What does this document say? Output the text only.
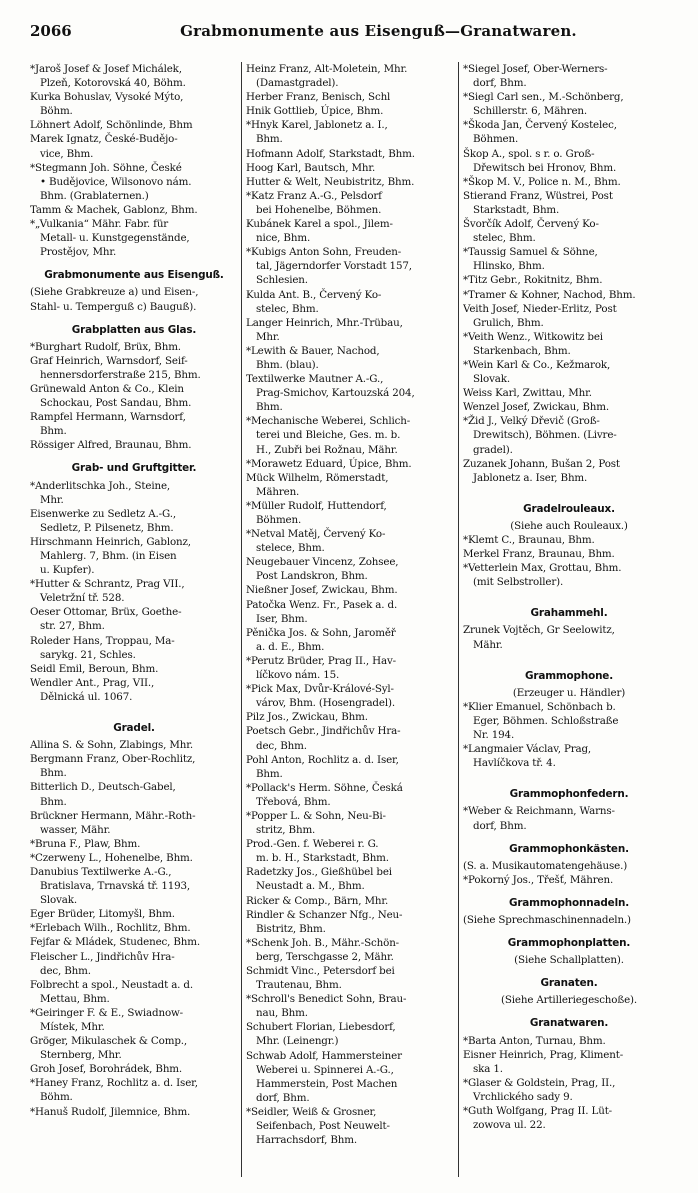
2066	Grabmonumente aus Eisenguß—Granatwaren.
*Jaroš Josef & Josef Michálek,
Plzeň, Kotorovská 40, Böhm.
Kurka Bohuslav, Vysoké Mýto,
Böhm.
Löhnert Adolf, Schönlinde, Bhm
Marek Ignatz, České-Budějo-
vice, Bhm.
*Stegmann Joh. Söhne, České
• Budějovice, Wilsonovo nám.
Bhm. (Grablaternen.)
Tamm & Machek, Gablonz, Bhm.
*„Vulkania“ Mähr. Fabr. für
Metall- u. Kunstgegenstände,
Prostějov, Mhr.
Grabmonumente aus Eisenguß.
(Siehe Grabkreuze a) und Eisen-,
Stahl- u. Temperguß c) Bauguß).
Grabplatten aus Glas.
*Burghart Rudolf, Brüx, Bhm.
Graf Heinrich, Warnsdorf, Seif-
hennersdorferstraße 215, Bhm.
Grünewald Anton & Co., Klein
Schockau, Post Sandau, Bhm.
Rampfel Hermann, Warnsdorf,
Bhm.
Rössiger Alfred, Braunau, Bhm.
Grab- und Gruftgitter.
*Anderlitschka Joh., Steine,
Mhr.
Eisenwerke zu Sedletz A.-G.,
Sedletz, P. Pilsenetz, Bhm.
Hirschmann Heinrich, Gablonz,
Mahlerg. 7, Bhm. (in Eisen
u. Kupfer).
*Hutter & Schrantz, Prag VII.,
Veletržní tř. 528.
Oeser Ottomar, Brüx, Goethe-
str. 27, Bhm.
Roleder Hans, Troppau, Ma-
sarykg. 21, Schles.
Seidl Emil, Beroun, Bhm.
Wendler Ant., Prag, VII.,
Dělnická ul. 1067.
Gradel.
Allina S. & Sohn, Zlabings, Mhr.
Bergmann Franz, Ober-Rochlitz,
Bhm.
Bitterlich D., Deutsch-Gabel,
Bhm.
Brückner Hermann, Mähr.-Roth-
wasser, Mähr.
*Bruna F., Plaw, Bhm.
*Czerweny L., Hohenelbe, Bhm.
Danubius Textilwerke A.-G.,
Bratislava, Trnavská tř. 1193,
Slovak.
Eger Brüder, Litomyšl, Bhm.
*Erlebach Wilh., Rochlitz, Bhm.
Fejfar & Mládek, Studenec, Bhm.
Fleischer L., Jindřichův Hra-
dec, Bhm.
Folbrecht a spol., Neustadt a. d.
Mettau, Bhm.
*Geiringer F. & E., Swiadnow-
Místek, Mhr.
Gröger, Mikulaschek & Comp.,
Sternberg, Mhr.
Groh Josef, Borohrádek, Bhm.
*Haney Franz, Rochlitz a. d. Iser,
Böhm.
*Hanuš Rudolf, Jilemnice, Bhm.
Heinz Franz, Alt-Moletein, Mhr.
(Damastgradel).
Herber Franz, Benisch, Schl
Hnik Gottlieb, Úpice, Bhm.
*Hnyk Karel, Jablonetz a. I.,
Bhm.
Hofmann Adolf, Starkstadt, Bhm.
Hoog Karl, Bautsch, Mhr.
Hutter & Welt, Neubistritz, Bhm.
*Katz Franz A.-G., Pelsdorf
bei Hohenelbe, Böhmen.
Kubánek Karel a spol., Jilem-
nice, Bhm.
*Kubigs Anton Sohn, Freuden-
tal, Jägerndorfer Vorstadt 157,
Schlesien.
Kulda Ant. B., Červený Ko-
stelec, Bhm.
Langer Heinrich, Mhr.-Trübau,
Mhr.
*Lewith & Bauer, Nachod,
Bhm. (blau).
Textilwerke Mautner A.-G.,
Prag-Smichov, Kartouzská 204,
Bhm.
*Mechanische Weberei, Schlich-
terei und Bleiche, Ges. m. b.
H., Zubři bei Rožnau, Mähr.
*Morawetz Eduard, Úpice, Bhm.
Mück Wilhelm, Römerstadt,
Mähren.
*Müller Rudolf, Huttendorf,
Böhmen.
*Netval Matěj, Červený Ko-
stelece, Bhm.
Neugebauer Vincenz, Zohsee,
Post Landskron, Bhm.
Nießner Josef, Zwickau, Bhm.
Patočka Wenz. Fr., Pasek a. d.
Iser, Bhm.
Pěnička Jos. & Sohn, Jaroměř
a. d. E., Bhm.
*Perutz Brüder, Prag II., Hav-
líčkovo nám. 15.
*Pick Max, Dvůr-Králové-Syl-
várov, Bhm. (Hosengradel).
Pilz Jos., Zwickau, Bhm.
Poetsch Gebr., Jindřichův Hra-
dec, Bhm.
Pohl Anton, Rochlitz a. d. Iser,
Bhm.
*Pollack's Herm. Söhne, Česká
Třebová, Bhm.
*Popper L. & Sohn, Neu-Bi-
stritz, Bhm.
Prod.-Gen. f. Weberei r. G.
m. b. H., Starkstadt, Bhm.
Radetzky Jos., Gießhübel bei
Neustadt a. M., Bhm.
Ricker & Comp., Bärn, Mhr.
Rindler & Schanzer Nfg., Neu-
Bistritz, Bhm.
*Schenk Joh. B., Mähr.-Schön-
berg, Terschgasse 2, Mähr.
Schmidt Vinc., Petersdorf bei
Trautenau, Bhm.
*Schroll's Benedict Sohn, Brau-
nau, Bhm.
Schubert Florian, Liebesdorf,
Mhr. (Leinengr.)
Schwab Adolf, Hammersteiner
Weberei u. Spinnerei A.-G.,
Hammerstein, Post Machen
dorf, Bhm.
*Seidler, Weiß & Grosner,
Seifenbach, Post Neuwelt-
Harrachsdorf, Bhm.
*Siegel Josef, Ober-Werners-
dorf, Bhm.
*Siegl Carl sen., M.-Schönberg,
Schillerstr. 6, Mähren.
*Škoda Jan, Červený Kostelec,
Böhmen.
Škop A., spol. s r. o. Groß-
Dřewitsch bei Hronov, Bhm.
*Škop M. V., Police n. M., Bhm.
Stierand Franz, Wüstrei, Post
Starkstadt, Bhm.
Švorčík Adolf, Červený Ko-
stelec, Bhm.
*Taussig Samuel & Söhne,
Hlinsko, Bhm.
*Titz Gebr., Rokitnitz, Bhm.
*Tramer & Kohner, Nachod, Bhm.
Veith Josef, Nieder-Erlitz, Post
Grulich, Bhm.
*Veith Wenz., Witkowitz bei
Starkenbach, Bhm.
*Wein Karl & Co., Kežmarok,
Slovak.
Weiss Karl, Zwittau, Mhr.
Wenzel Josef, Zwickau, Bhm.
*Žid J., Velký Dřevič (Groß-
Drewitsch), Böhmen. (Livre-
gradel).
Zuzanek Johann, Bušan 2, Post
Jablonetz a. Iser, Bhm.
Gradelrouleaux.
(Siehe auch Rouleaux.)
*Klemt C., Braunau, Bhm.
Merkel Franz, Braunau, Bhm.
*Vetterlein Max, Grottau, Bhm.
(mit Selbstroller).
Grahammehl.
Zrunek Vojtěch, Gr Seelowitz,
Mähr.
Grammophone.
(Erzeuger u. Händler)
*Klier Emanuel, Schönbach b.
Eger, Böhmen. Schloßstraße
Nr. 194.
*Langmaier Václav, Prag,
Havlíčkova tř. 4.
Grammophonfedern.
*Weber & Reichmann, Warns-
dorf, Bhm.
Grammophonkästen.
(S. a. Musikautomatengehäuse.)
*Pokorný Jos., Třešť, Mähren.
Grammophonnadeln.
(Siehe Sprechmaschinennadeln.)
Grammophonplatten.
(Siehe Schallplatten).
Granaten.
(Siehe Artilleriegeschoße).
Granatwaren.
*Barta Anton, Turnau, Bhm.
Eisner Heinrich, Prag, Kliment-
ska 1.
*Glaser & Goldstein, Prag, II.,
Vrchlického sady 9.
*Guth Wolfgang, Prag II. Lüt-
zowova ul. 22.
